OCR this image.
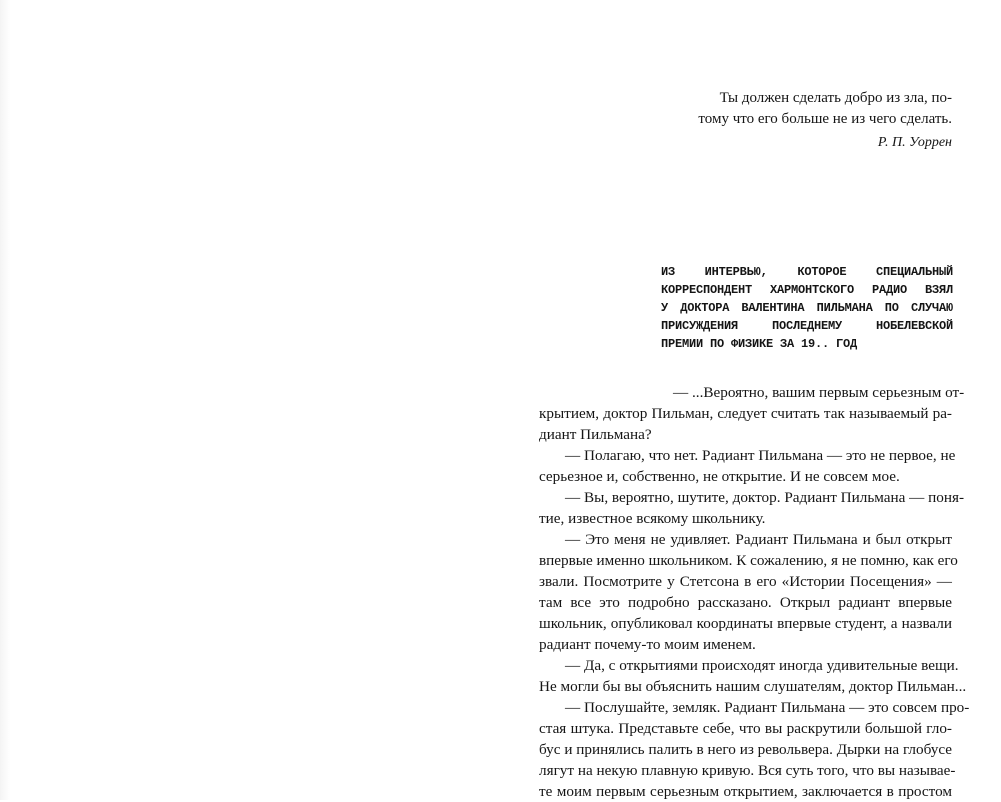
Ты должен сделать добро из зла, по-
тому что его больше не из чего сделать.
Р. П. Уоррен
ИЗ ИНТЕРВЬЮ, КОТОРОЕ СПЕЦИАЛЬНЫЙ
КОРРЕСПОНДЕНТ ХАРМОНТСКОГО РАДИО ВЗЯЛ
У ДОКТОРА ВАЛЕНТИНА ПИЛЬМАНА ПО СЛУЧАЮ
ПРИСУЖДЕНИЯ ПОСЛЕДНЕМУ НОБЕЛЕВСКОЙ
ПРЕМИИ ПО ФИЗИКЕ ЗА 19.. ГОД
— ...Вероятно, вашим первым серьезным от-
крытием, доктор Пильман, следует считать так называемый ра-
диант Пильмана?
— Полагаю, что нет. Радиант Пильмана — это не первое, не
серьезное и, собственно, не открытие. И не совсем мое.
— Вы, вероятно, шутите, доктор. Радиант Пильмана — поня-
тие, известное всякому школьнику.
— Это меня не удивляет. Радиант Пильмана и был открыт
впервые именно школьником. К сожалению, я не помню, как его
звали. Посмотрите у Стетсона в его «Истории Посещения» —
там все это подробно рассказано. Открыл радиант впервые
школьник, опубликовал координаты впервые студент, а назвали
радиант почему-то моим именем.
— Да, с открытиями происходят иногда удивительные вещи.
Не могли бы вы объяснить нашим слушателям, доктор Пильман...
— Послушайте, земляк. Радиант Пильмана — это совсем про-
стая штука. Представьте себе, что вы раскрутили большой гло-
бус и принялись палить в него из револьвера. Дырки на глобусе
лягут на некую плавную кривую. Вся суть того, что вы называе-
те моим первым серьезным открытием, заключается в простом
